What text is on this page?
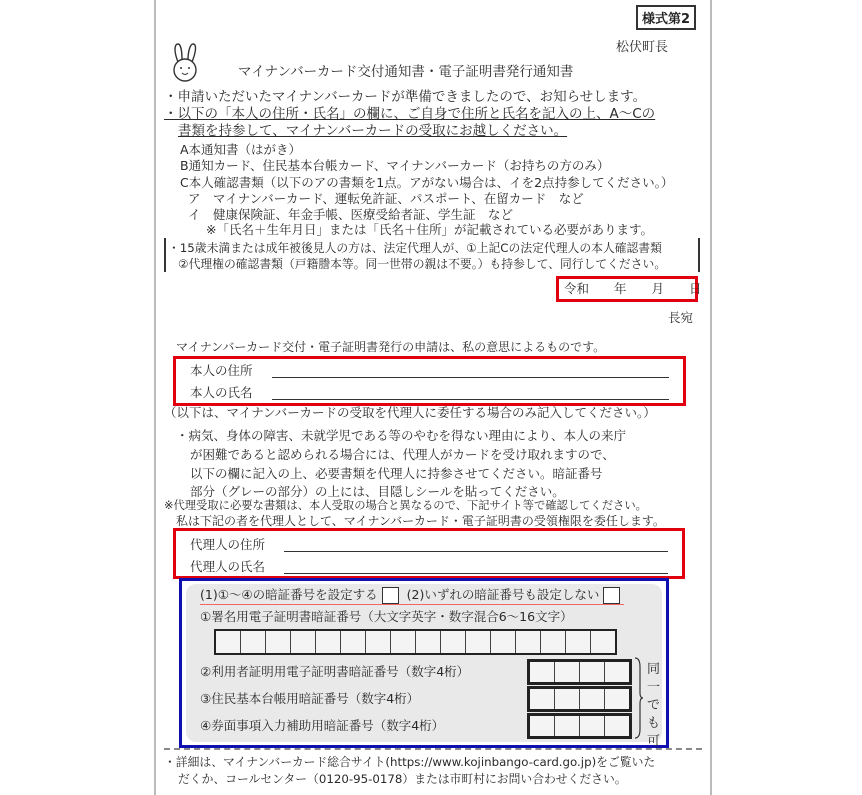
様式第2
松伏町長
マイナンバーカード交付通知書・電子証明書発行通知書
・申請いただいたマイナンバーカードが準備できましたので、お知らせします。
・以下の「本人の住所・氏名」の欄に、ご自身で住所と氏名を記入の上、A～Cの
書類を持参して、マイナンバーカードの受取にお越しください。
A本通知書（はがき）
B通知カード、住民基本台帳カード、マイナンバーカード（お持ちの方のみ）
C本人確認書類（以下のアの書類を1点。アがない場合は、イを2点持参してください。）
ア　マイナンバーカード、運転免許証、パスポート、在留カード　など
イ　健康保険証、年金手帳、医療受給者証、学生証　など
※「氏名＋生年月日」または「氏名＋住所」が記載されている必要があります。
・15歳未満または成年被後見人の方は、法定代理人が、①上記Cの法定代理人の本人確認書類
②代理権の確認書類（戸籍謄本等。同一世帯の親は不要。）も持参して、同行してください。
令和　　年　　月　　日
長宛
マイナンバーカード交付・電子証明書発行の申請は、私の意思によるものです。
本人の住所
本人の氏名
（以下は、マイナンバーカードの受取を代理人に委任する場合のみ記入してください。）
・病気、身体の障害、未就学児である等のやむを得ない理由により、本人の来庁
が困難であると認められる場合には、代理人がカードを受け取れますので、
以下の欄に記入の上、必要書類を代理人に持参させてください。暗証番号
部分（グレーの部分）の上には、目隠しシールを貼ってください。
※代理受取に必要な書類は、本人受取の場合と異なるので、下記サイト等で確認してください。
私は下記の者を代理人として、マイナンバーカード・電子証明書の受領権限を委任します。
代理人の住所
代理人の氏名
(1)①～④の暗証番号を設定する (2)いずれの暗証番号も設定しない
①署名用電子証明書暗証番号（大文字英字・数字混合6～16文字）
②利用者証明用電子証明書暗証番号（数字4桁）
③住民基本台帳用暗証番号（数字4桁）
④券面事項入力補助用暗証番号（数字4桁）
同一でも可
・詳細は、マイナンバーカード総合サイト(https://www.kojinbango-card.go.jp)をご覧いた
だくか、コールセンター（0120-95-0178）または市町村にお問い合わせください。
